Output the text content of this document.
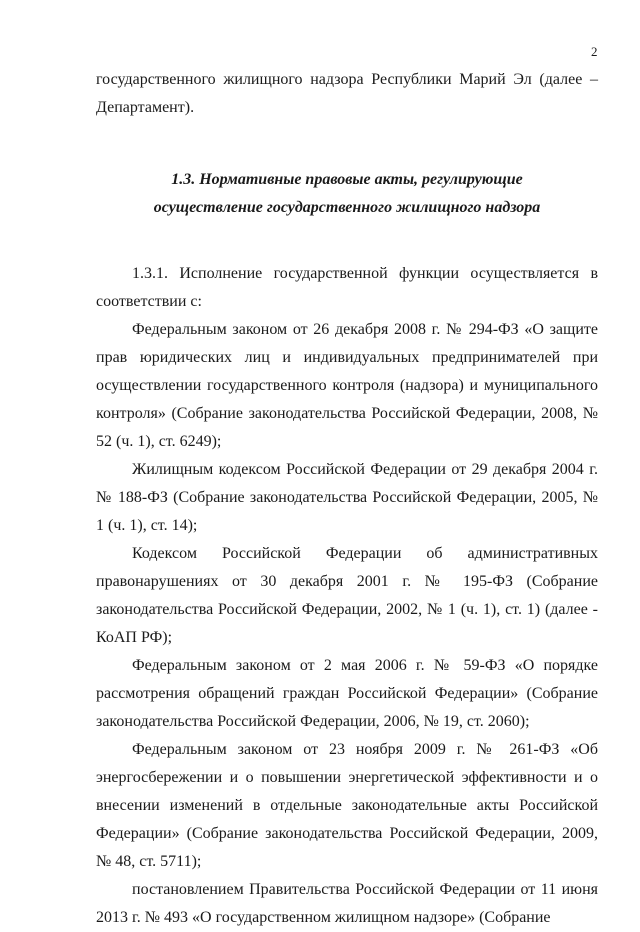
2

государственного жилищного надзора Республики Марий Эл (далее – Департамент).

1.3. Нормативные правовые акты, регулирующие осуществление государственного жилищного надзора

1.3.1. Исполнение государственной функции осуществляется в соответствии с:

Федеральным законом от 26 декабря 2008 г. № 294-ФЗ «О защите прав юридических лиц и индивидуальных предпринимателей при осуществлении государственного контроля (надзора) и муниципального контроля» (Собрание законодательства Российской Федерации, 2008, № 52 (ч. 1), ст. 6249);

Жилищным кодексом Российской Федерации от 29 декабря 2004 г. № 188-ФЗ (Собрание законодательства Российской Федерации, 2005, № 1 (ч. 1), ст. 14);

Кодексом Российской Федерации об административных правонарушениях от 30 декабря 2001 г. № 195-ФЗ (Собрание законодательства Российской Федерации, 2002, № 1 (ч. 1), ст. 1) (далее - КоАП РФ);

Федеральным законом от 2 мая 2006 г. № 59-ФЗ «О порядке рассмотрения обращений граждан Российской Федерации» (Собрание законодательства Российской Федерации, 2006, № 19, ст. 2060);

Федеральным законом от 23 ноября 2009 г. № 261-ФЗ «Об энергосбережении и о повышении энергетической эффективности и о внесении изменений в отдельные законодательные акты Российской Федерации» (Собрание законодательства Российской Федерации, 2009, № 48, ст. 5711);

постановлением Правительства Российской Федерации от 11 июня 2013 г. № 493 «О государственном жилищном надзоре» (Собрание
